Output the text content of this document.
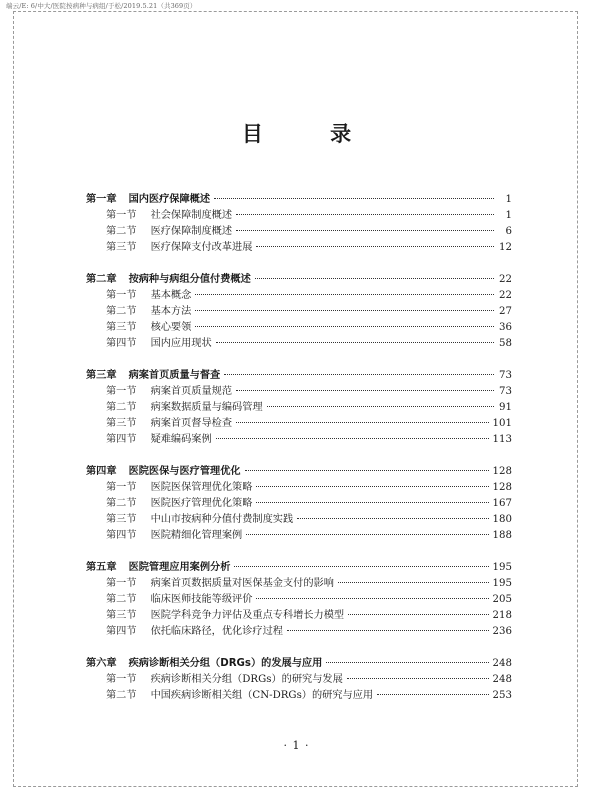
端云/E: 6/中大/医院按病种与病组/于松/2019.5.21（共369页）
目 录
第一章 国内医疗保障概述	1
第一节 社会保障制度概述	1
第二节 医疗保障制度概述	6
第三节 医疗保障支付改革进展	12
第二章 按病种与病组分值付费概述	22
第一节 基本概念	22
第二节 基本方法	27
第三节 核心要领	36
第四节 国内应用现状	58
第三章 病案首页质量与督查	73
第一节 病案首页质量规范	73
第二节 病案数据质量与编码管理	91
第三节 病案首页督导检查	101
第四节 疑难编码案例	113
第四章 医院医保与医疗管理优化	128
第一节 医院医保管理优化策略	128
第二节 医院医疗管理优化策略	167
第三节 中山市按病种分值付费制度实践	180
第四节 医院精细化管理案例	188
第五章 医院管理应用案例分析	195
第一节 病案首页数据质量对医保基金支付的影响	195
第二节 临床医师技能等级评价	205
第三节 医院学科竞争力评估及重点专科增长力模型	218
第四节 依托临床路径，优化诊疗过程	236
第六章 疾病诊断相关分组（DRGs）的发展与应用	248
第一节 疾病诊断相关分组（DRGs）的研究与发展	248
第二节 中国疾病诊断相关组（CN-DRGs）的研究与应用	253
· 1 ·
